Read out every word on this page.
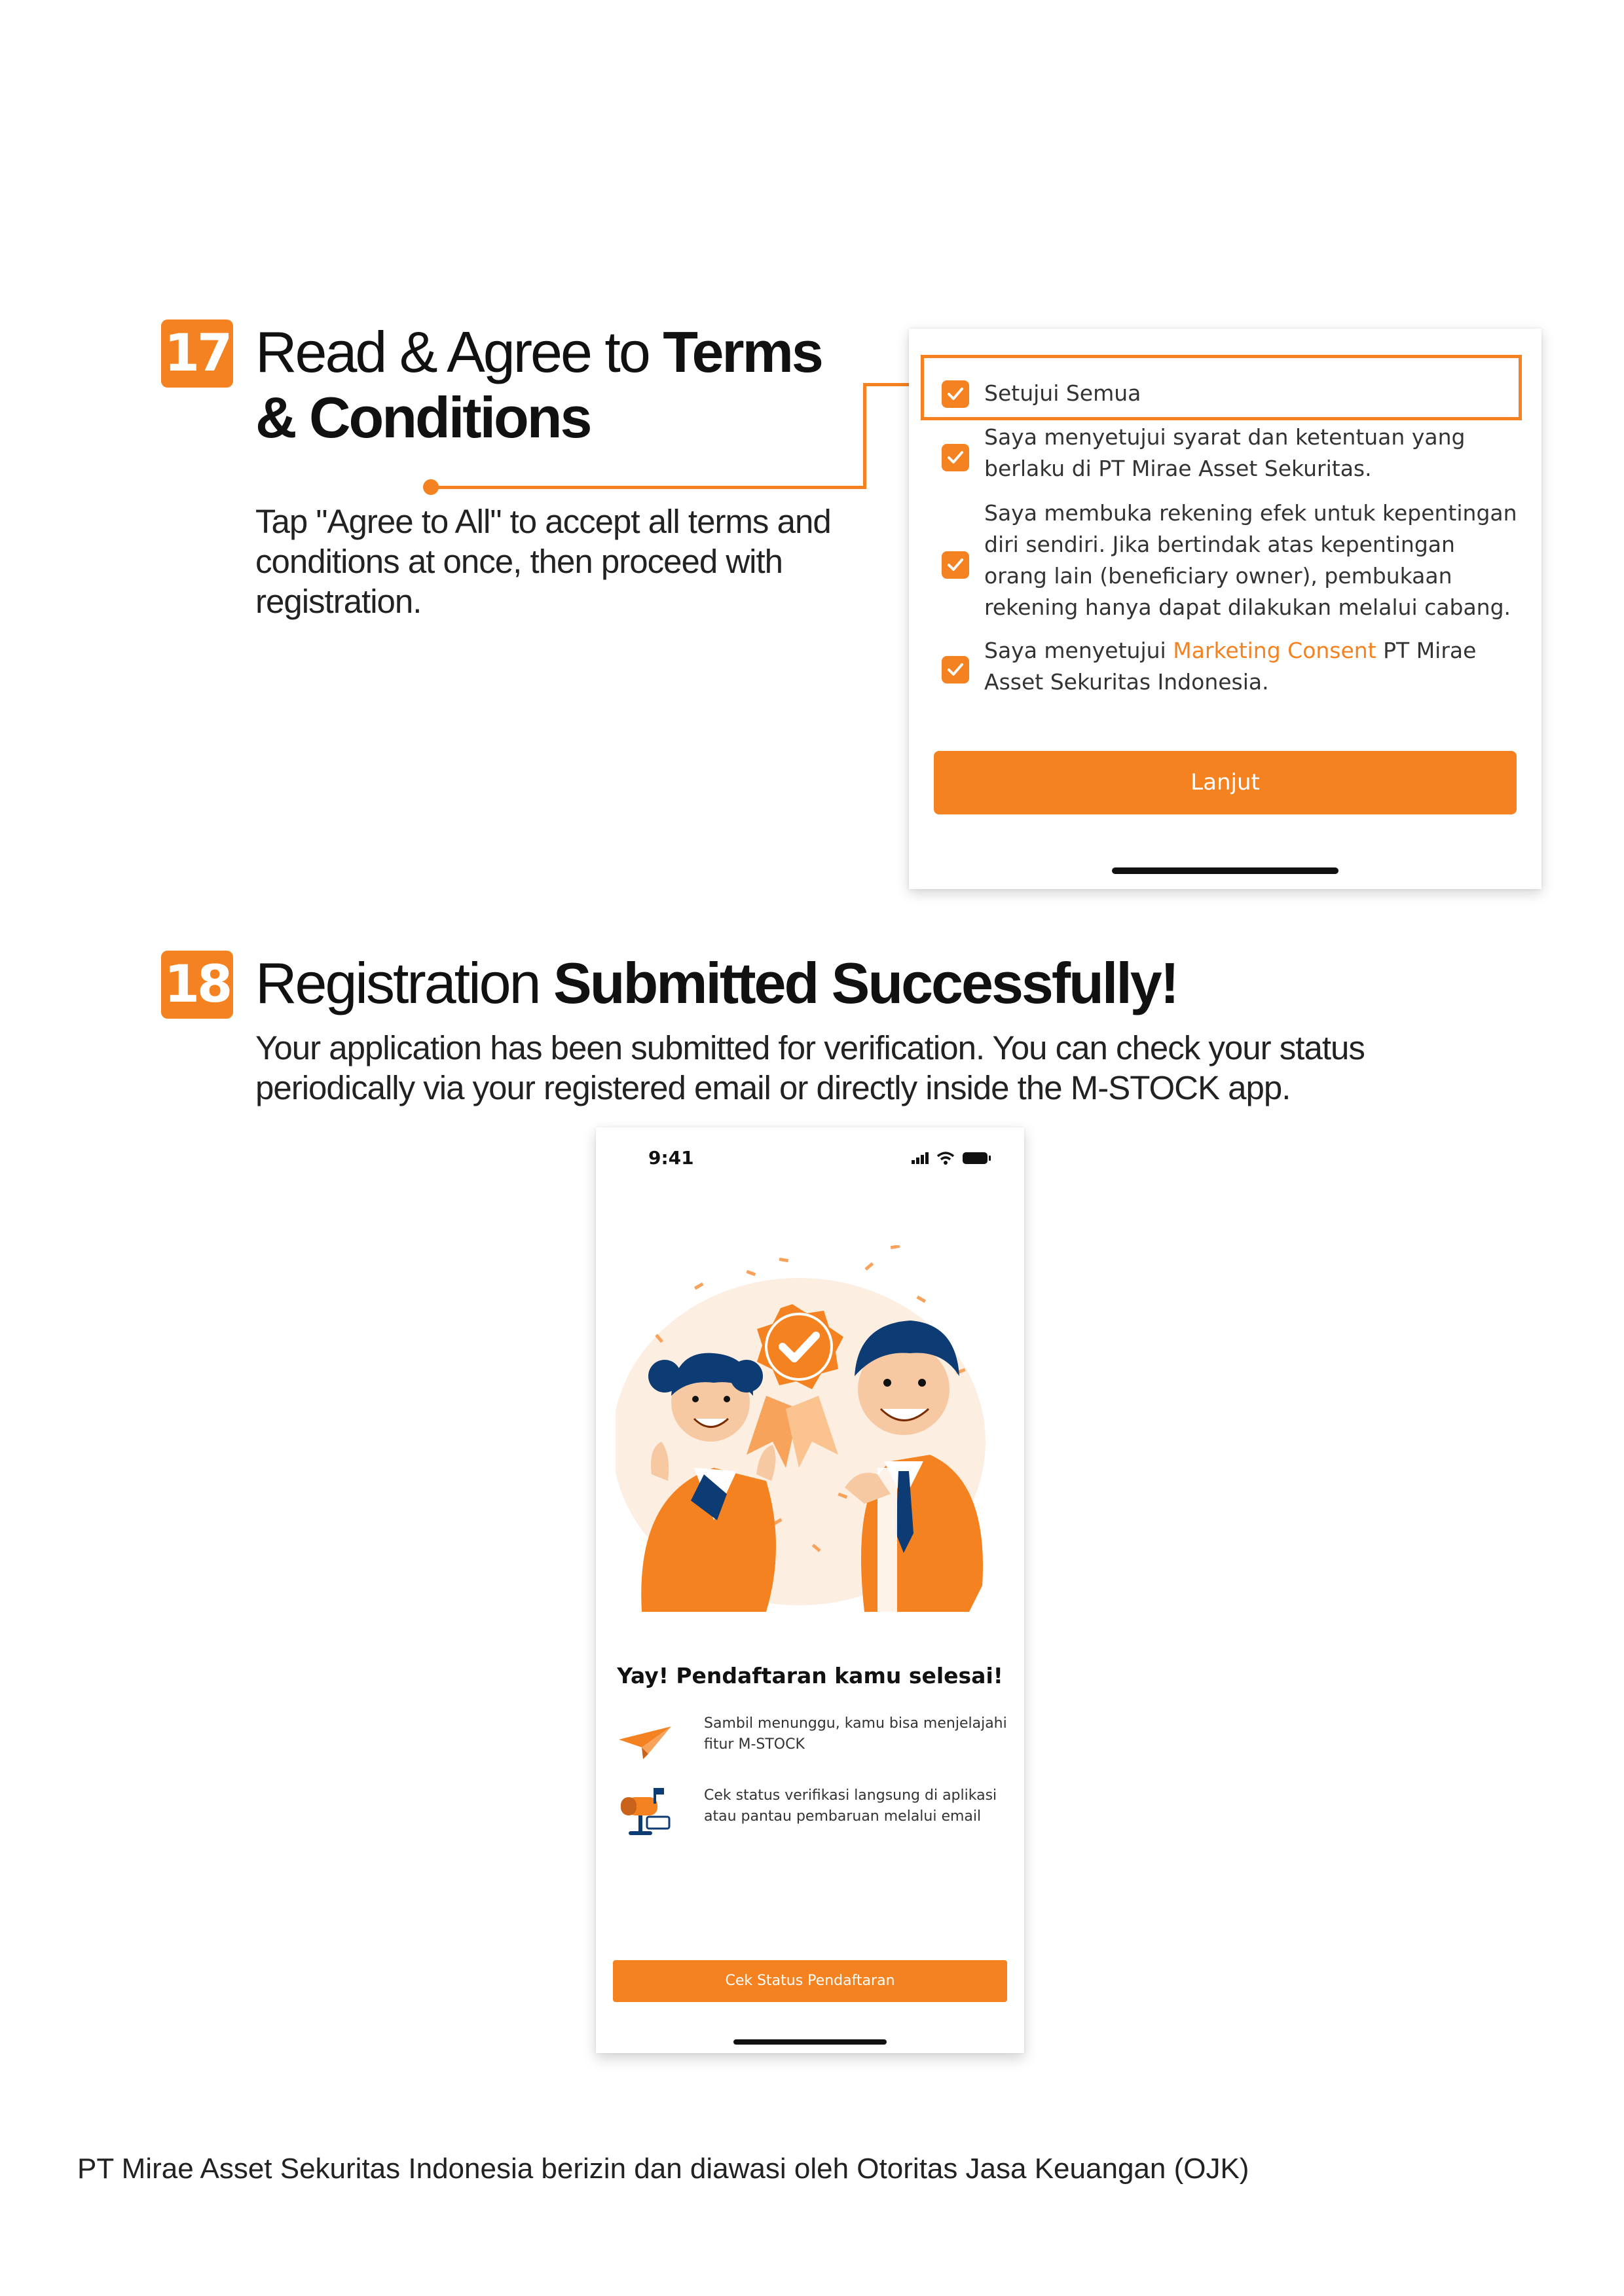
17 Read & Agree to Terms
& Conditions
Tap "Agree to All" to accept all terms and conditions at once, then proceed with registration.
Setujui Semua
Saya menyetujui syarat dan ketentuan yang berlaku di PT Mirae Asset Sekuritas.
Saya membuka rekening efek untuk kepentingan diri sendiri. Jika bertindak atas kepentingan orang lain (beneficiary owner), pembukaan rekening hanya dapat dilakukan melalui cabang.
Saya menyetujui Marketing Consent PT Mirae Asset Sekuritas Indonesia.
Lanjut
18 Registration Submitted Successfully!
Your application has been submitted for verification. You can check your status periodically via your registered email or directly inside the M-STOCK app.
9:41
Yay! Pendaftaran kamu selesai!
Sambil menunggu, kamu bisa menjelajahi fitur M-STOCK
Cek status verifikasi langsung di aplikasi atau pantau pembaruan melalui email
Cek Status Pendaftaran
PT Mirae Asset Sekuritas Indonesia berizin dan diawasi oleh Otoritas Jasa Keuangan (OJK)
